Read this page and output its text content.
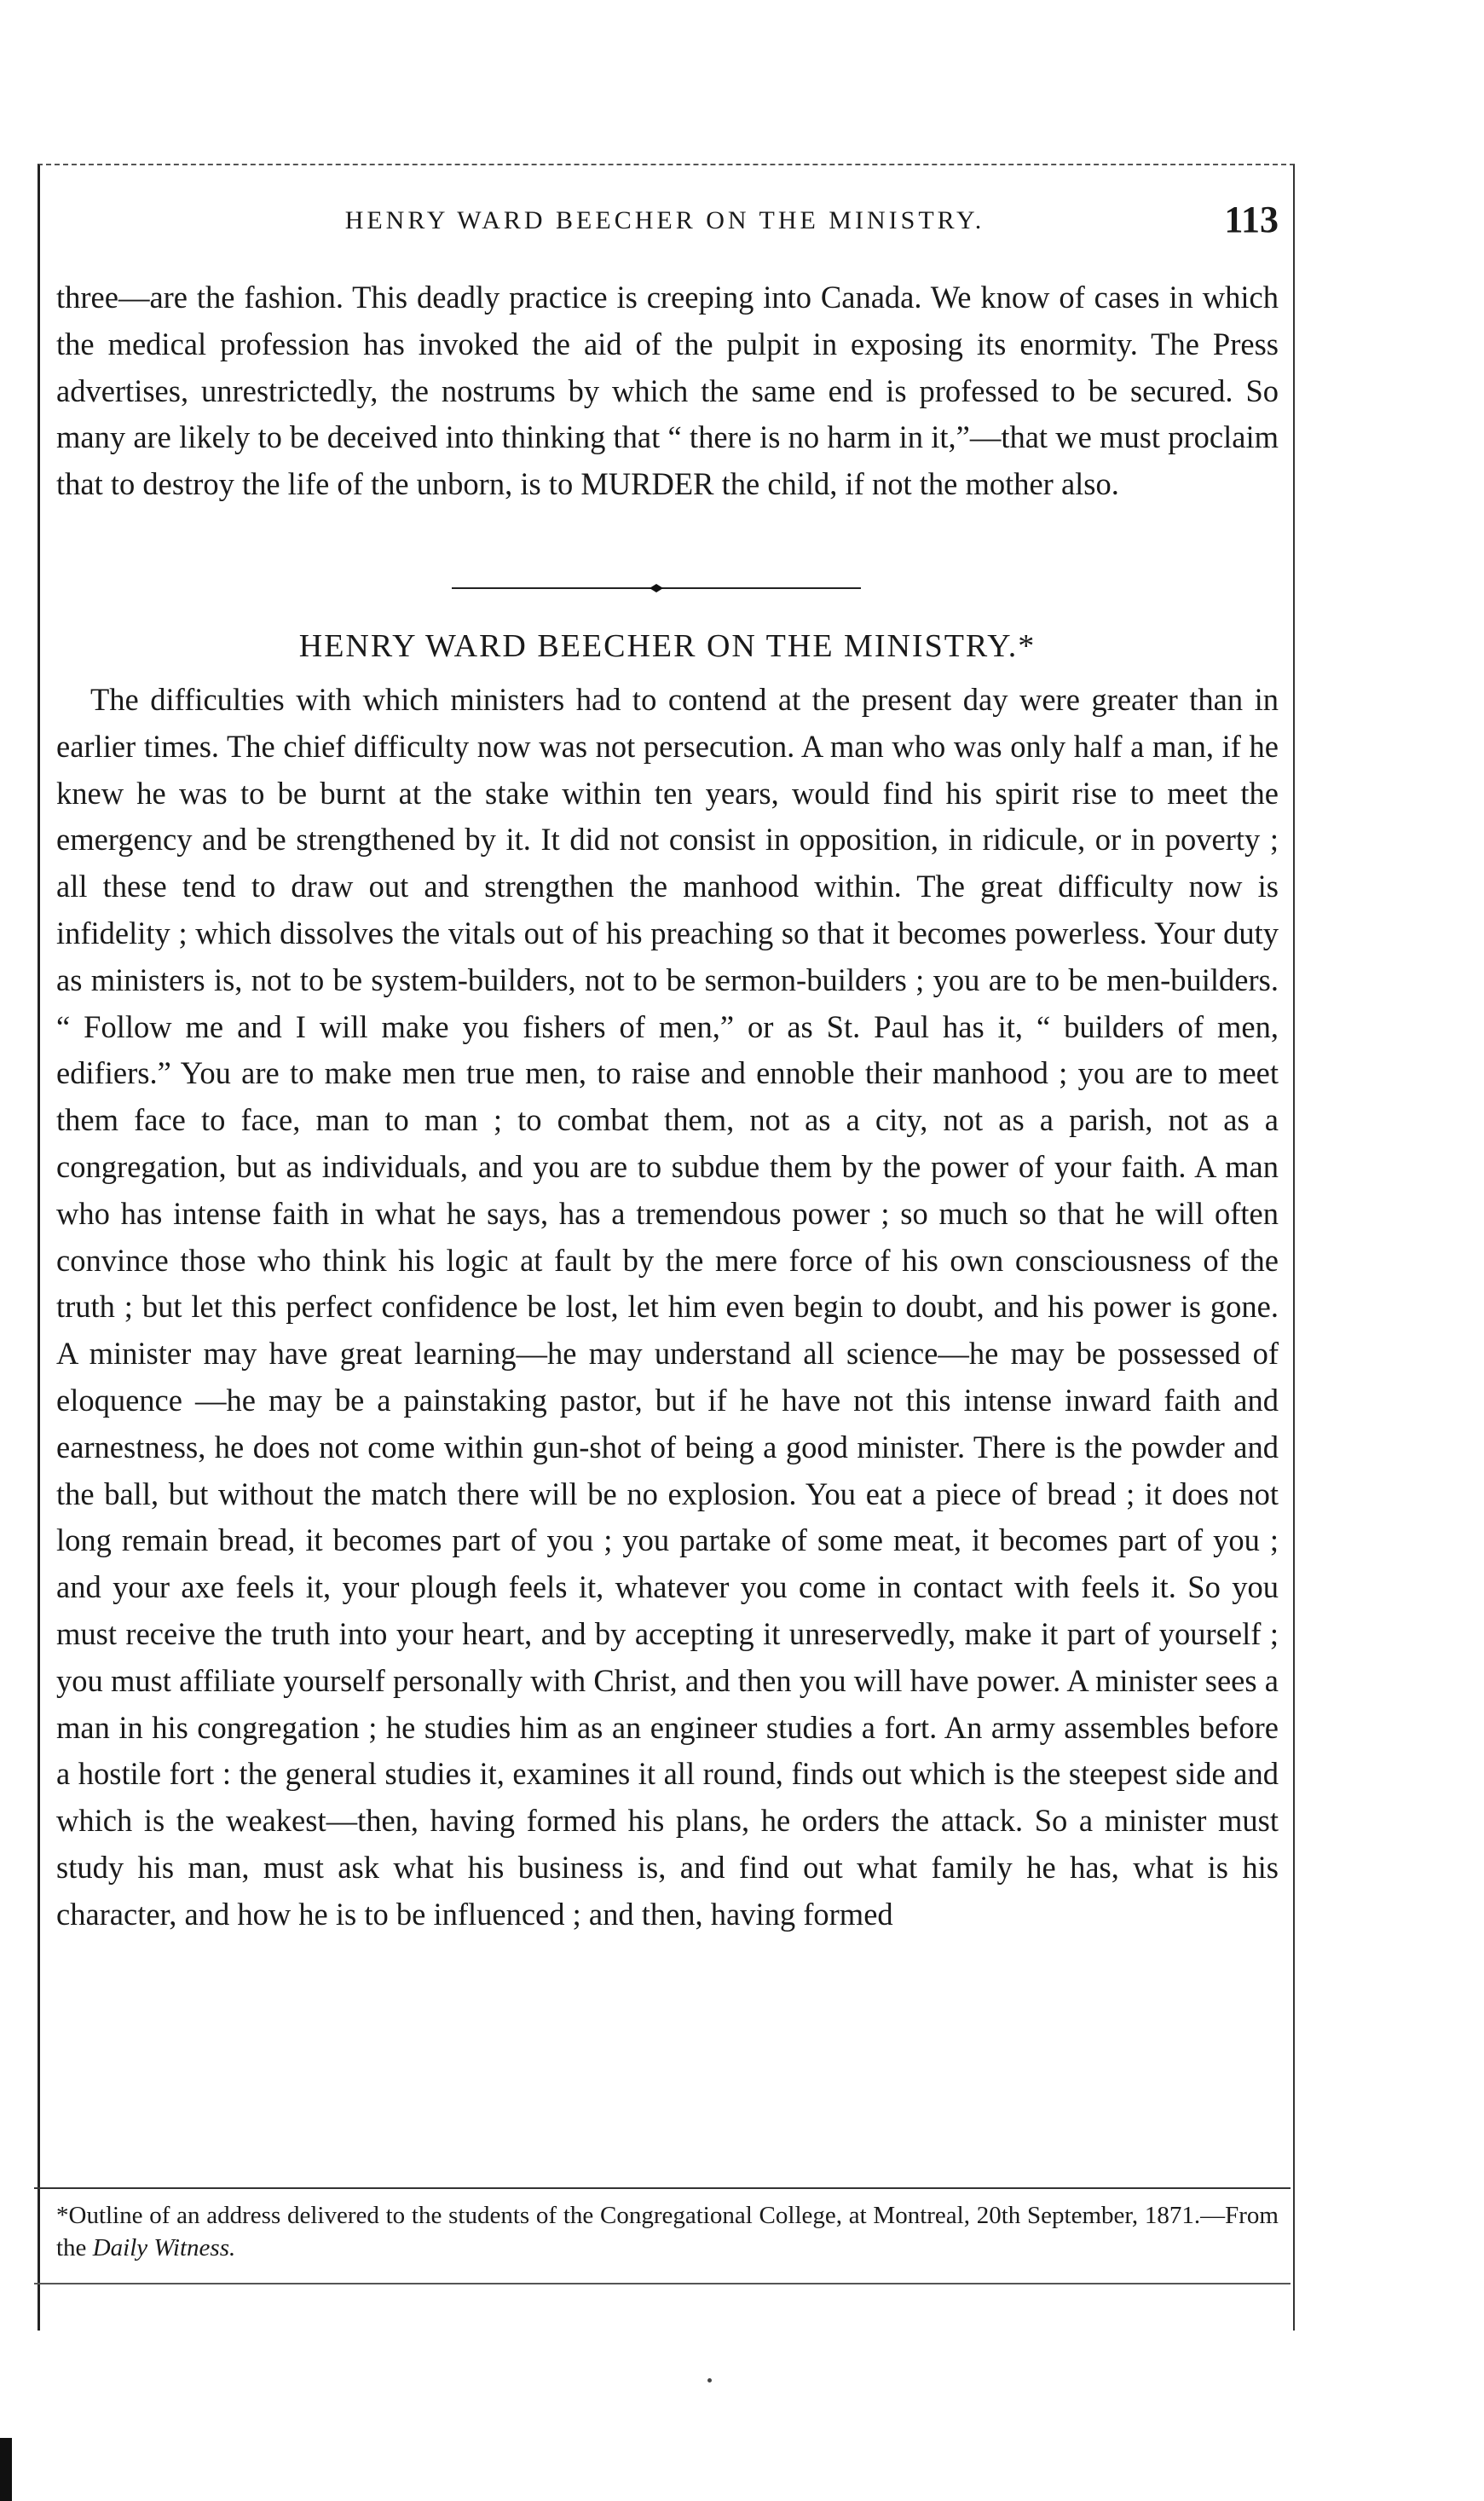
HENRY WARD BEECHER ON THE MINISTRY.	113

three—are the fashion. This deadly practice is creeping into Canada. We know of cases in which the medical profession has invoked the aid of the pulpit in exposing its enormity. The Press advertises, unrestrictedly, the nostrums by which the same end is professed to be secured. So many are likely to be deceived into thinking that “ there is no harm in it,”—that we must proclaim that to destroy the life of the unborn, is to MURDER the child, if not the mother also.

HENRY WARD BEECHER ON THE MINISTRY.*

The difficulties with which ministers had to contend at the present day were greater than in earlier times. The chief difficulty now was not persecution. A man who was only half a man, if he knew he was to be burnt at the stake within ten years, would find his spirit rise to meet the emergency and be strengthened by it. It did not consist in opposition, in ridicule, or in poverty ; all these tend to draw out and strengthen the manhood within. The great difficulty now is infidelity ; which dissolves the vitals out of his preaching so that it becomes powerless. Your duty as ministers is, not to be system-builders, not to be sermon-builders ; you are to be men-builders. “ Follow me and I will make you fishers of men,” or as St. Paul has it, “ builders of men, edifiers.” You are to make men true men, to raise and ennoble their manhood ; you are to meet them face to face, man to man ; to combat them, not as a city, not as a parish, not as a congregation, but as individuals, and you are to subdue them by the power of your faith. A man who has intense faith in what he says, has a tremendous power ; so much so that he will often convince those who think his logic at fault by the mere force of his own consciousness of the truth ; but let this perfect confidence be lost, let him even begin to doubt, and his power is gone. A minister may have great learning—he may understand all science—he may be possessed of eloquence —he may be a painstaking pastor, but if he have not this intense inward faith and earnestness, he does not come within gun-shot of being a good minister. There is the powder and the ball, but without the match there will be no explosion. You eat a piece of bread ; it does not long remain bread, it becomes part of you ; you partake of some meat, it becomes part of you ; and your axe feels it, your plough feels it, whatever you come in contact with feels it. So you must receive the truth into your heart, and by accepting it unreservedly, make it part of yourself ; you must affiliate yourself personally with Christ, and then you will have power. A minister sees a man in his congregation ; he studies him as an engineer studies a fort. An army assembles before a hostile fort : the general studies it, examines it all round, finds out which is the steepest side and which is the weakest—then, having formed his plans, he orders the attack. So a minister must study his man, must ask what his business is, and find out what family he has, what is his character, and how he is to be influenced ; and then, having formed

*Outline of an address delivered to the students of the Congregational College, at Montreal, 20th September, 1871.—From the Daily Witness.
